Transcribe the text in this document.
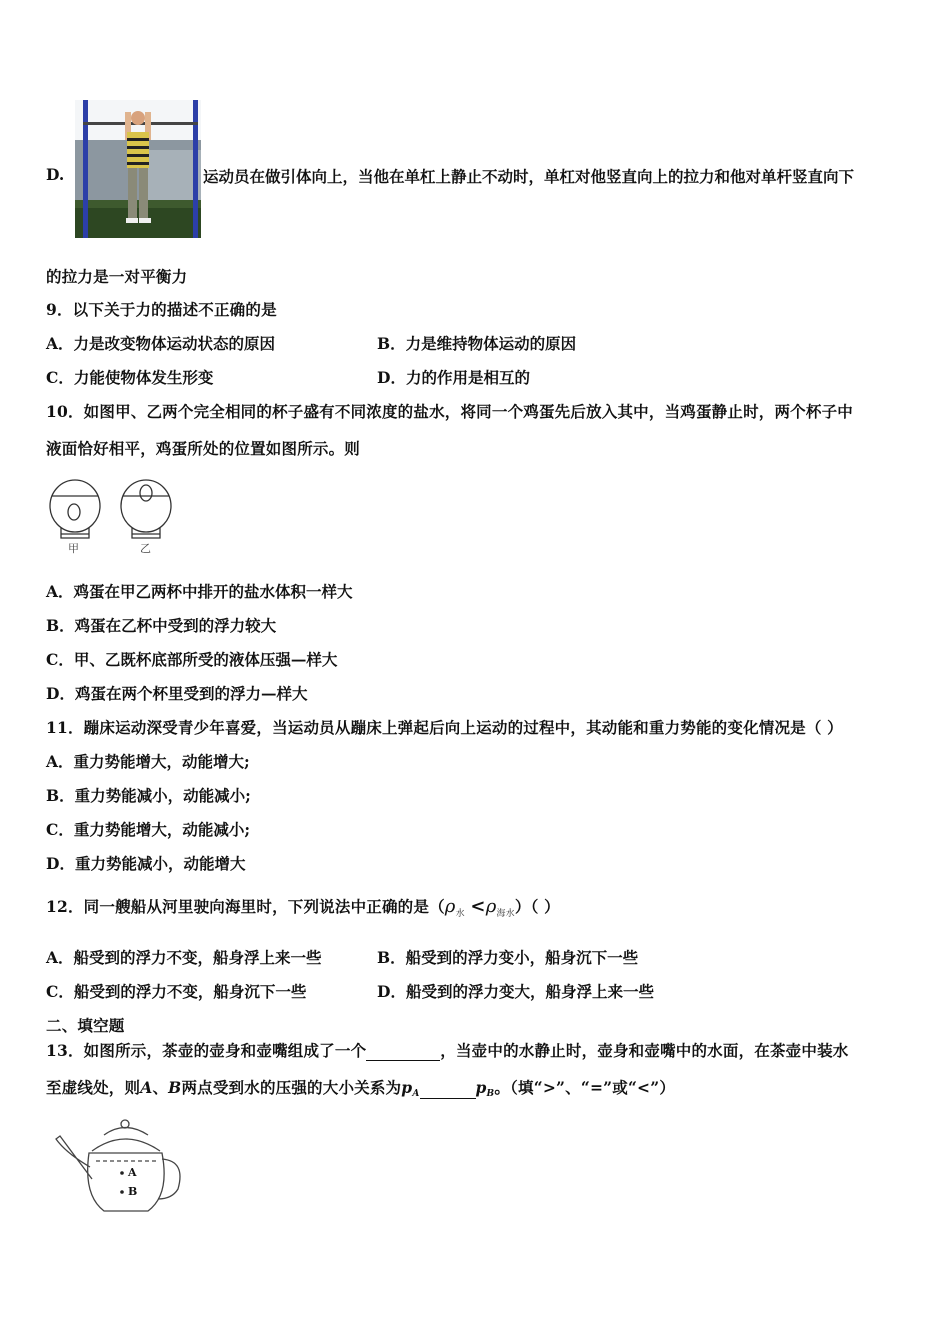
D.	运动员在做引体向上，当他在单杠上静止不动时，单杠对他竖直向上的拉力和他对单杆竖直向下
的拉力是一对平衡力
9．以下关于力的描述不正确的是
A．力是改变物体运动状态的原因	B．力是维持物体运动的原因
C．力能使物体发生形变	D．力的作用是相互的
10．如图甲、乙两个完全相同的杯子盛有不同浓度的盐水，将同一个鸡蛋先后放入其中，当鸡蛋静止时，两个杯子中
液面恰好相平，鸡蛋所处的位置如图所示。则
甲	乙
A．鸡蛋在甲乙两杯中排开的盐水体积一样大
B．鸡蛋在乙杯中受到的浮力较大
C．甲、乙既杯底部所受的液体压强—样大
D．鸡蛋在两个杯里受到的浮力—样大
11．蹦床运动深受青少年喜爱，当运动员从蹦床上弹起后向上运动的过程中，其动能和重力势能的变化情况是（ ）
A．重力势能增大，动能增大;
B．重力势能减小，动能减小;
C．重力势能增大，动能减小;
D．重力势能减小，动能增大
12．同一艘船从河里驶向海里时，下列说法中正确的是$(\rho_水 <\rho_{海水})$（ ）
A．船受到的浮力不变，船身浮上来一些	B．船受到的浮力变小，船身沉下一些
C．船受到的浮力不变，船身沉下一些	D．船受到的浮力变大，船身浮上来一些
二、填空题
13．如图所示，茶壶的壶身和壶嘴组成了一个	，当壶中的水静止时，壶身和壶嘴中的水面，在茶壶中装水
至虚线处，则A、B两点受到水的压强的大小关系为$p_A$	$p_B$。（填“>”、“=”或“<”）
A
B
